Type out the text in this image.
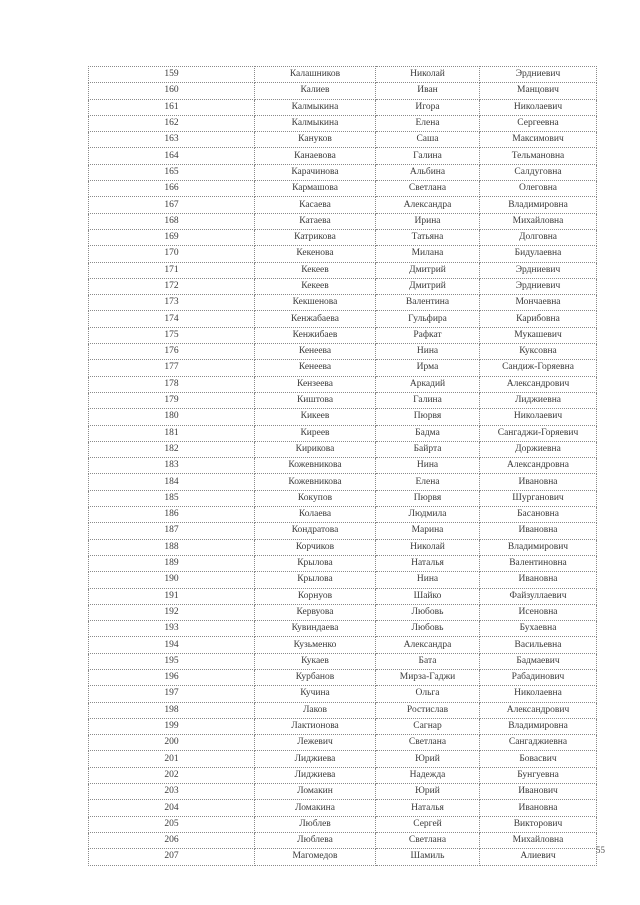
159	Калашников	Николай	Эрдниевич
160	Калиев	Иван	Манцович
161	Калмыкина	Игора	Николаевич
162	Калмыкина	Елена	Сергеевна
163	Кануков	Саша	Максимович
164	Канаевова	Галина	Тельмановна
165	Карачинова	Альбина	Салдуговна
166	Кармашова	Светлана	Олеговна
167	Касаева	Александра	Владимировна
168	Катаева	Ирина	Михайловна
169	Катрикова	Татьяна	Долговна
170	Кекенова	Милана	Бидулаевна
171	Кекеев	Дмитрий	Эрдниевич
172	Кекеев	Дмитрий	Эрдниевич
173	Кекшенова	Валентина	Мончаевна
174	Кенжабаева	Гульфира	Карибовна
175	Кенжибаев	Рафкат	Мукашевич
176	Кенеева	Нина	Куксовна
177	Кенеева	Ирма	Сандиж-Горяевна
178	Кензеева	Аркадий	Александрович
179	Киштова	Галина	Лиджиевна
180	Кикеев	Пюрвя	Николаевич
181	Киреев	Бадма	Сангаджи-Горяевич
182	Кирикова	Байрта	Доржиевна
183	Кожевникова	Нина	Александровна
184	Кожевникова	Елена	Ивановна
185	Кокупов	Пюрвя	Шурганович
186	Колаева	Людмила	Басановна
187	Кондратова	Марина	Ивановна
188	Корчиков	Николай	Владимирович
189	Крылова	Наталья	Валентиновна
190	Крылова	Нина	Ивановна
191	Корнуов	Шайко	Файзуллаевич
192	Кервуова	Любовь	Исеновна
193	Кувиндаева	Любовь	Бухаевна
194	Кузьменко	Александра	Васильевна
195	Кукаев	Бата	Бадмаевич
196	Курбанов	Мирза-Гаджи	Рабадинович
197	Кучина	Ольга	Николаевна
198	Лаков	Ростислав	Александрович
199	Лактионова	Сагнар	Владимировна
200	Лежевич	Светлана	Сангаджиевна
201	Лиджиева	Юрий	Бовасвич
202	Лиджиева	Надежда	Бунгуевна
203	Ломакин	Юрий	Иванович
204	Ломакина	Наталья	Ивановна
205	Люблев	Сергей	Викторович
206	Люблева	Светлана	Михайловна
207	Магомедов	Шамиль	Алиевич
55
